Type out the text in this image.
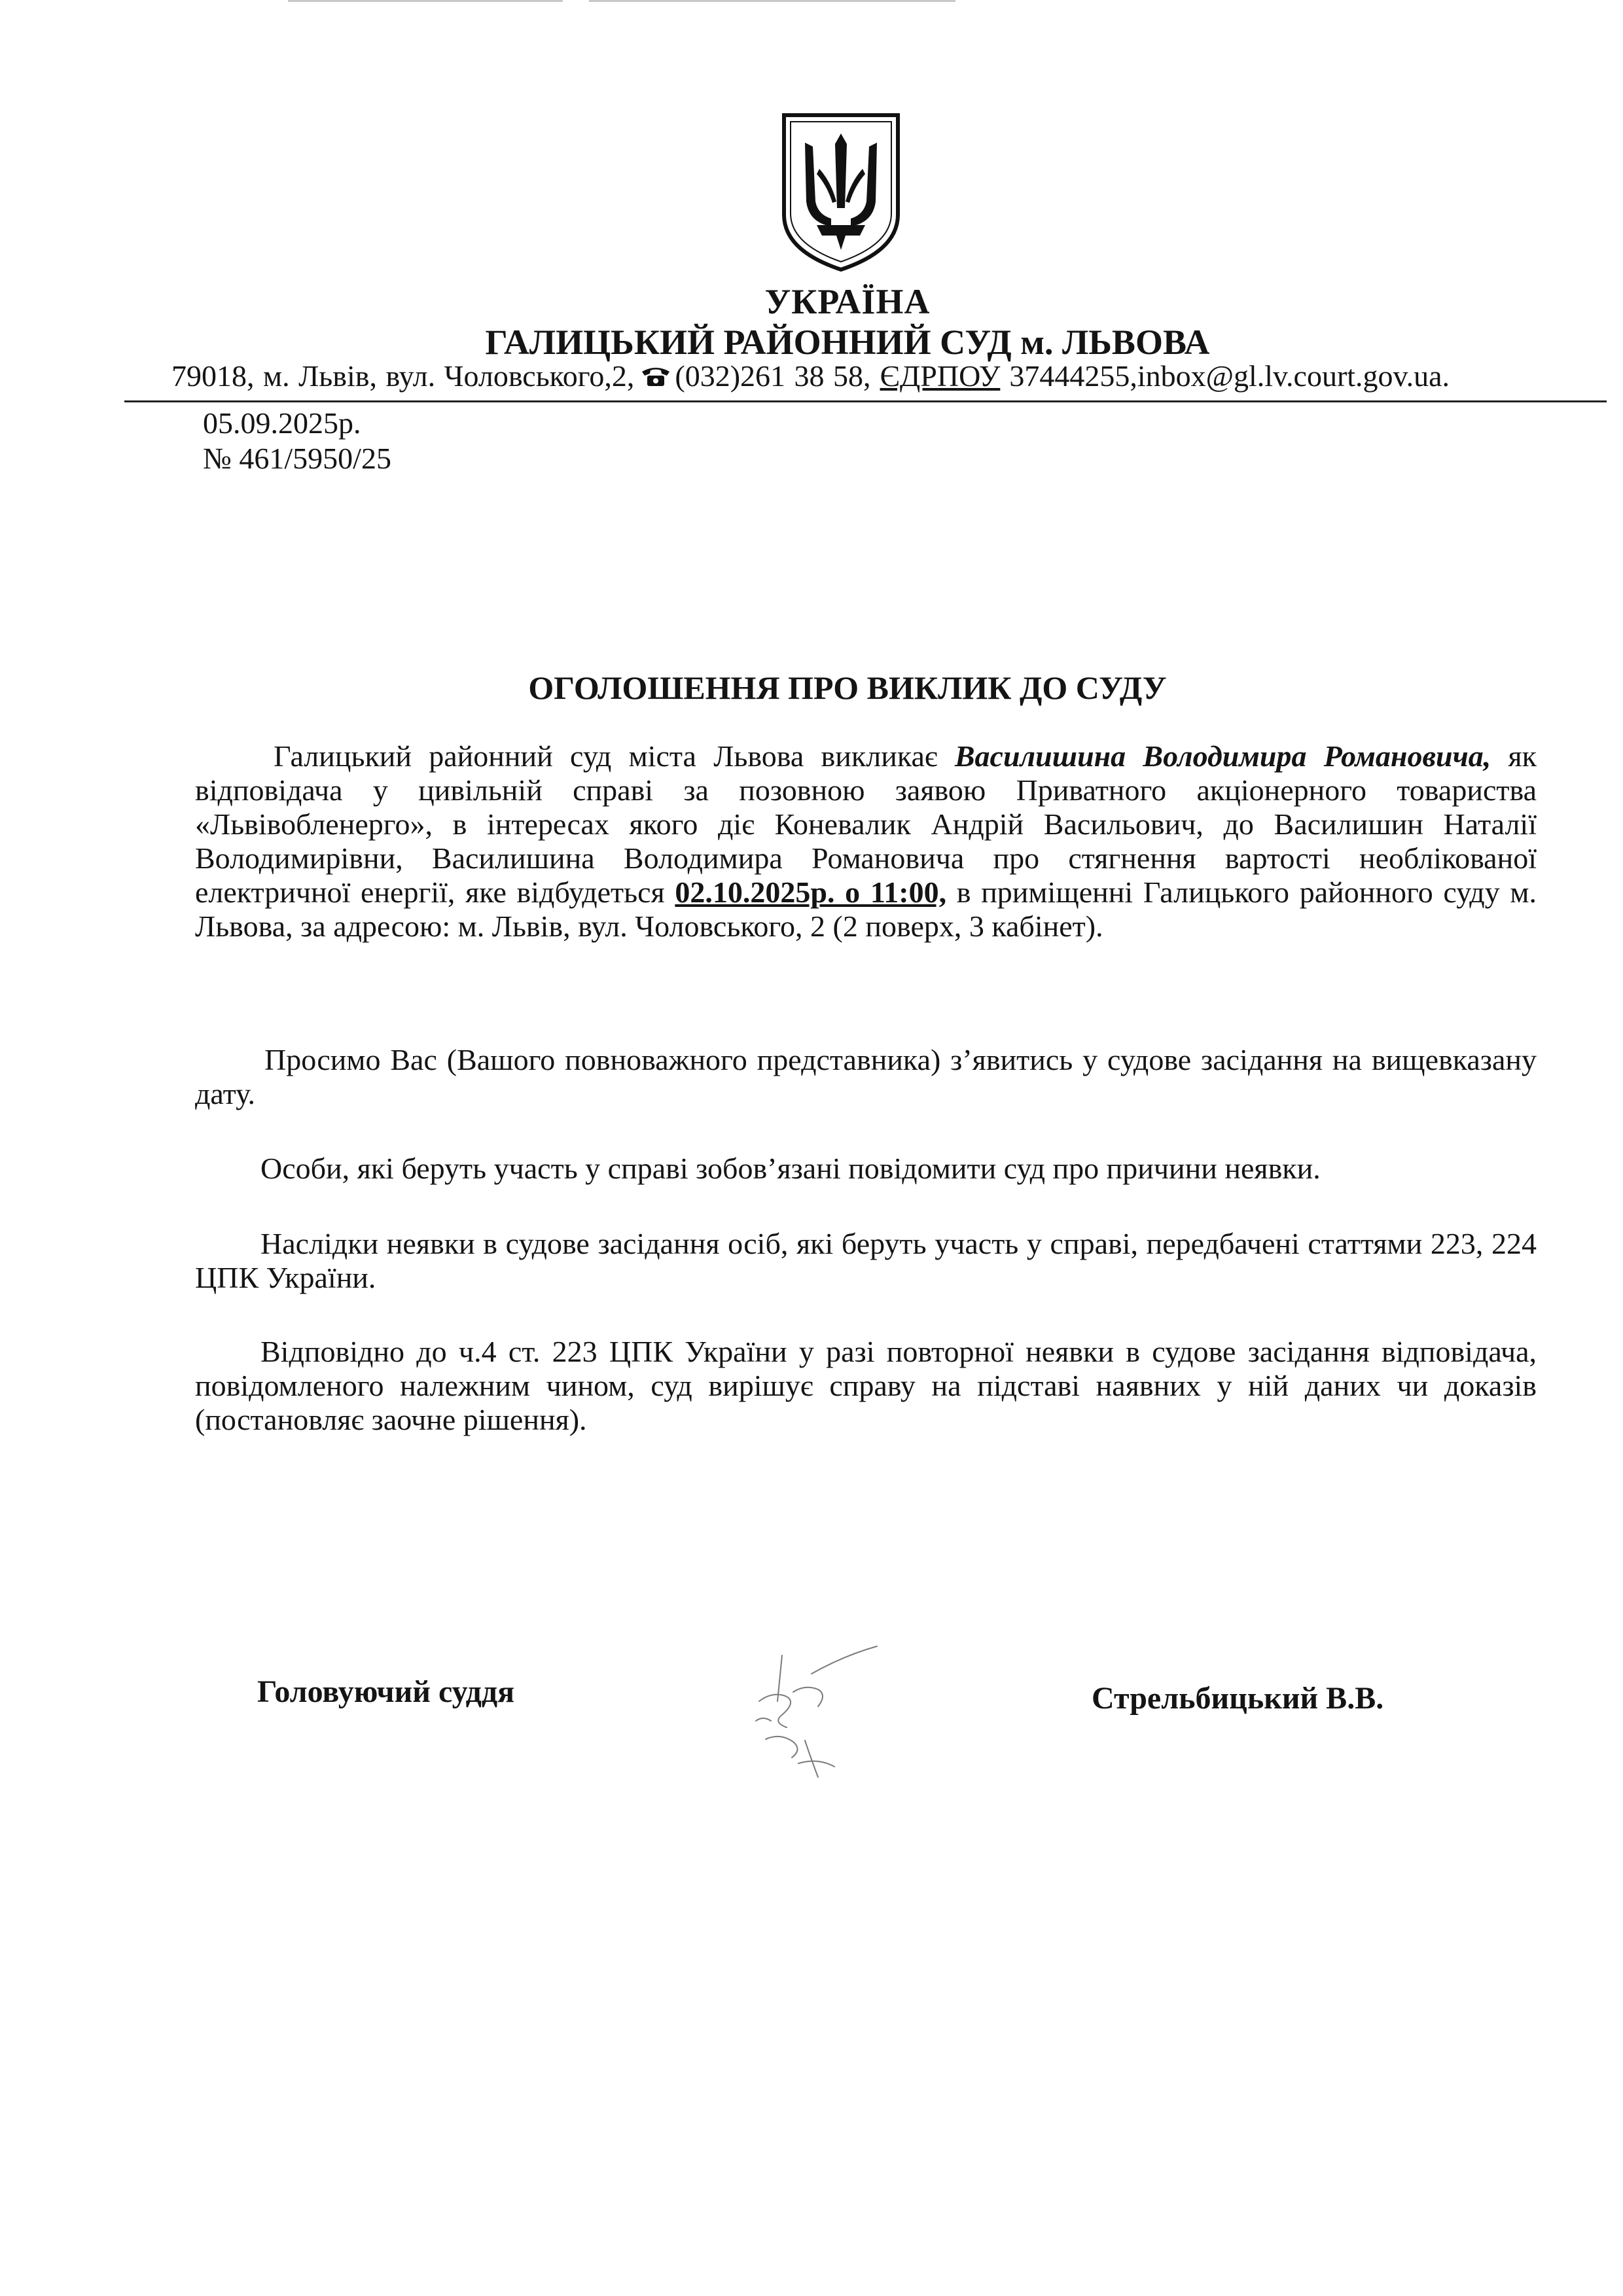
УКРАЇНА
ГАЛИЦЬКИЙ РАЙОННИЙ СУД м. ЛЬВОВА
79018, м. Львів, вул. Чоловського,2, (032)261 38 58, ЄДРПОУ 37444255,inbox@gl.lv.court.gov.ua.
05.09.2025р.
№ 461/5950/25
ОГОЛОШЕННЯ ПРО ВИКЛИК ДО СУДУ
Галицький районний суд міста Львова викликає Василишина Володимира Романовича, як відповідача у цивільній справі за позовною заявою Приватного акціонерного товариства «Львівобленерго», в інтересах якого діє Коневалик Андрій Васильович, до Василишин Наталії Володимирівни, Василишина Володимира Романовича про стягнення вартості необлікованої електричної енергії, яке відбудеться 02.10.2025р. о 11:00, в приміщенні Галицького районного суду м. Львова, за адресою: м. Львів, вул. Чоловського, 2 (2 поверх, 3 кабінет).
Просимо Вас (Вашого повноважного представника) з’явитись у судове засідання на вищевказану дату.
Особи, які беруть участь у справі зобов’язані повідомити суд про причини неявки.
Наслідки неявки в судове засідання осіб, які беруть участь у справі, передбачені статтями 223, 224 ЦПК України.
Відповідно до ч.4 ст. 223 ЦПК України у разі повторної неявки в судове засідання відповідача, повідомленого належним чином, суд вирішує справу на підставі наявних у ній даних чи доказів (постановляє заочне рішення).
Головуючий суддя	Стрельбицький В.В.
